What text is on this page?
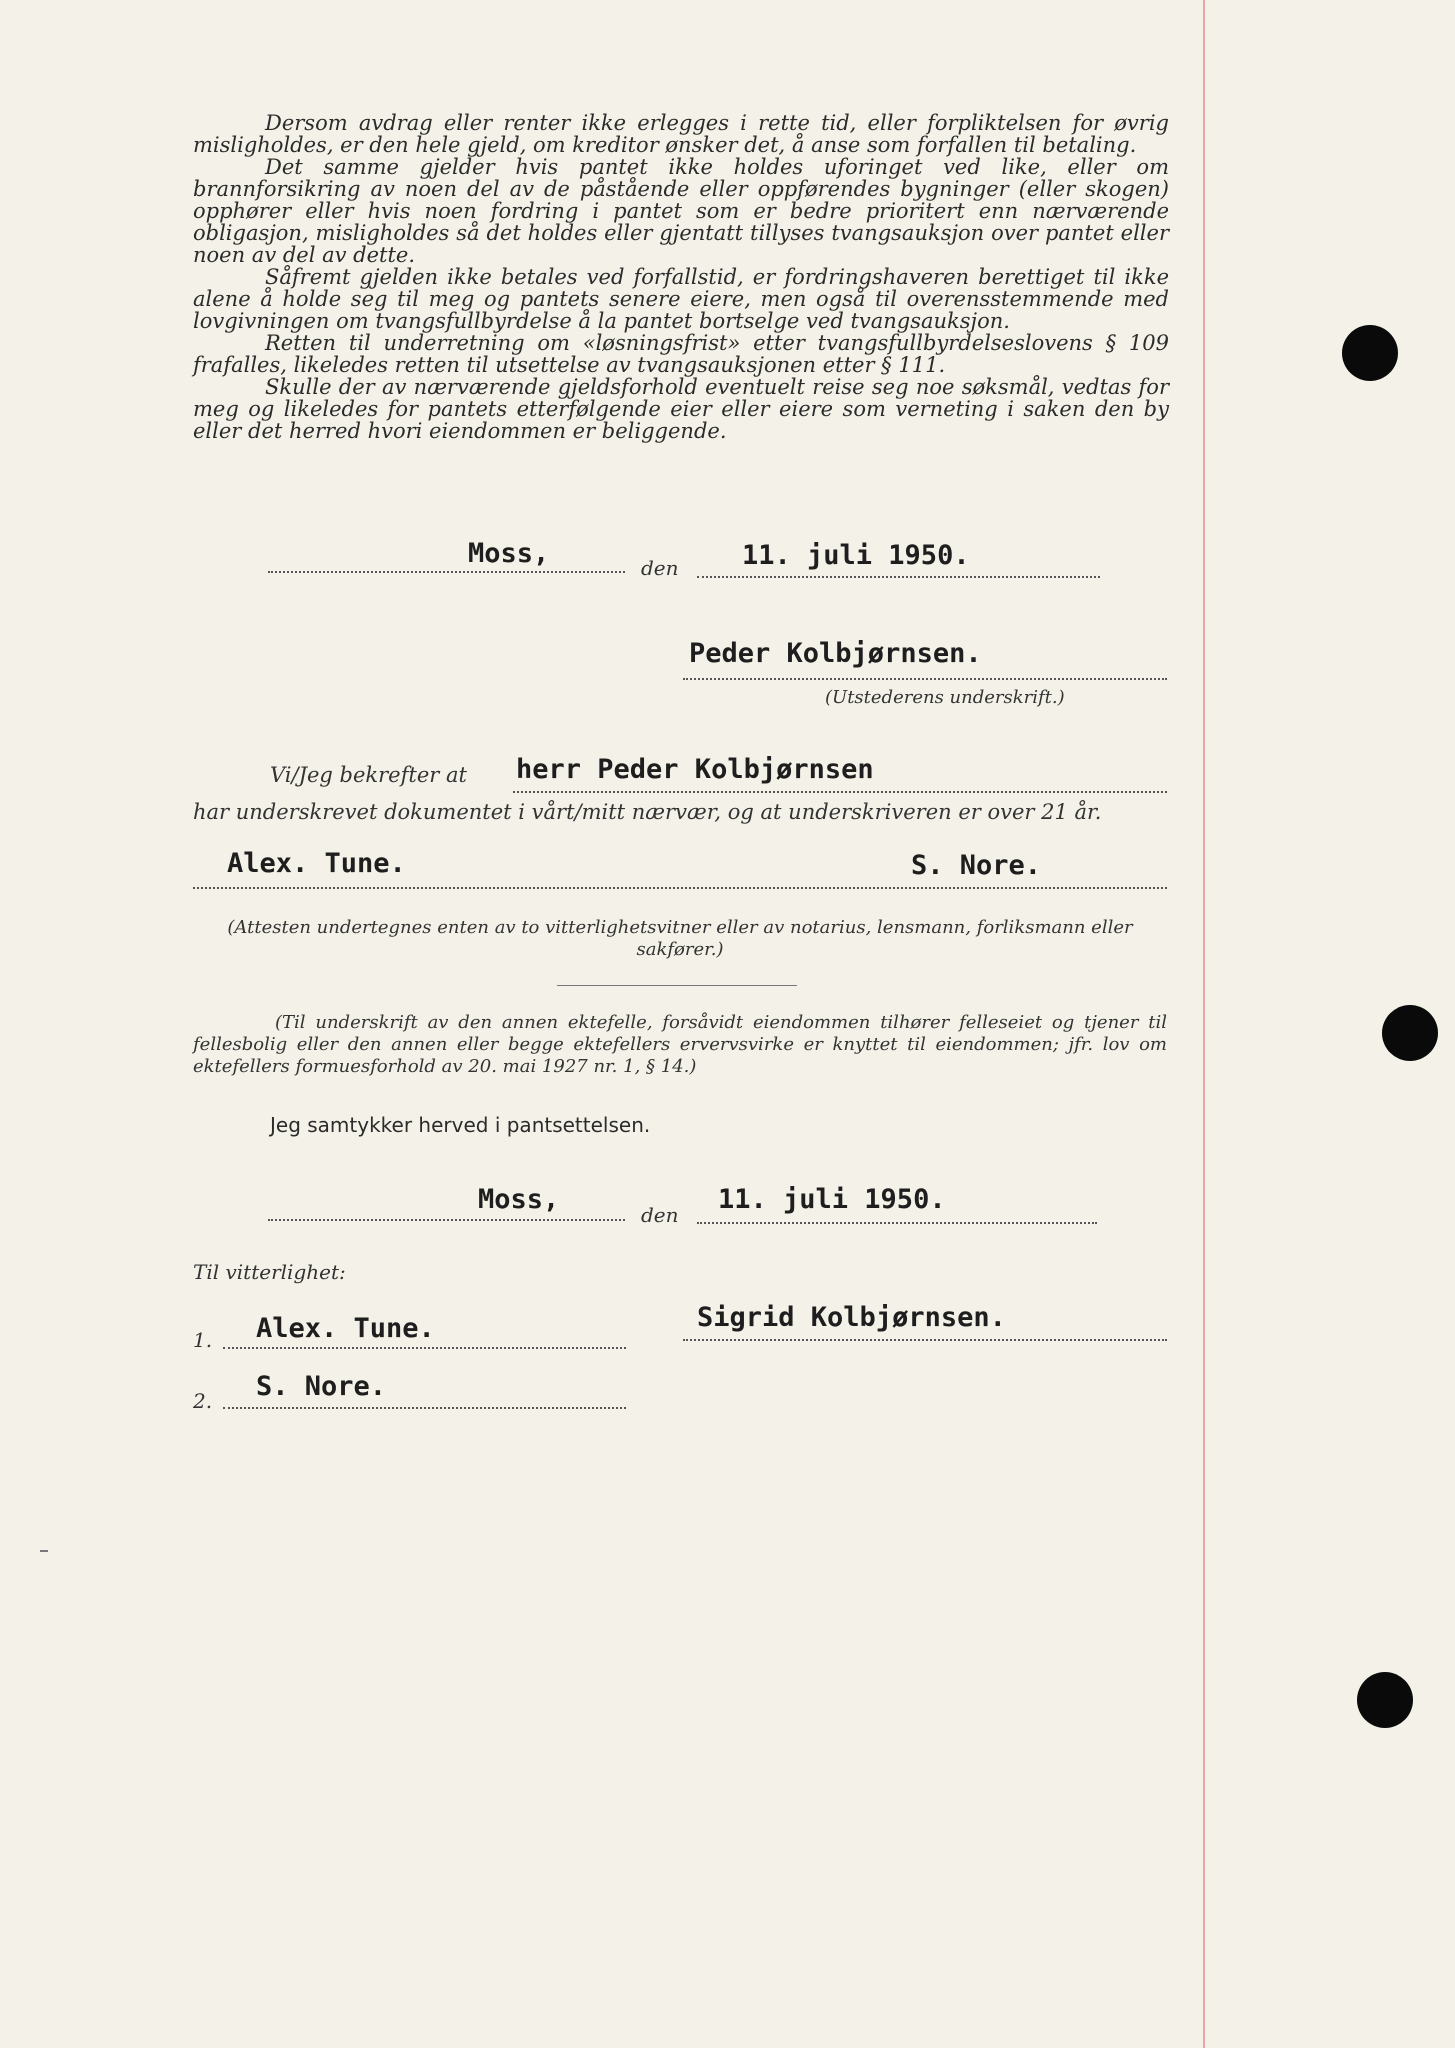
Dersom avdrag eller renter ikke erlegges i rette tid, eller forpliktelsen for øvrig misligholdes, er den hele gjeld, om kreditor ønsker det, å anse som forfallen til betaling.

Det samme gjelder hvis pantet ikke holdes uforinget ved like, eller om brannforsikring av noen del av de påstående eller oppførendes bygninger (eller skogen) opphører eller hvis noen fordring i pantet som er bedre prioritert enn nærværende obligasjon, misligholdes så det holdes eller gjentatt tillyses tvangsauksjon over pantet eller noen av del av dette.

Såfremt gjelden ikke betales ved forfallstid, er fordringshaveren berettiget til ikke alene å holde seg til meg og pantets senere eiere, men også til overensstemmende med lovgivningen om tvangsfullbyrdelse å la pantet bortselge ved tvangsauksjon.

Retten til underretning om «løsningsfrist» etter tvangsfullbyrdelseslovens § 109 frafalles, likeledes retten til utsettelse av tvangsauksjonen etter § 111.

Skulle der av nærværende gjeldsforhold eventuelt reise seg noe søksmål, vedtas for meg og likeledes for pantets etterfølgende eier eller eiere som verneting i saken den by eller det herred hvori eiendommen er beliggende.

Moss,	den 11. juli 1950.
Peder Kolbjørnsen.
(Utstederens underskrift.)
Vi/Jeg bekrefter at herr Peder Kolbjørnsen
har underskrevet dokumentet i vårt/mitt nærvær, og at underskriveren er over 21 år.
Alex. Tune.	S. Nore.
(Attesten undertegnes enten av to vitterlighetsvitner eller av notarius, lensmann, forliksmann eller sakfører.)
(Til underskrift av den annen ektefelle, forsåvidt eiendommen tilhører felleseiet og tjener til fellesbolig eller den annen eller begge ektefellers ervervsvirke er knyttet til eiendommen; jfr. lov om ektefellers formuesforhold av 20. mai 1927 nr. 1, § 14.)
Jeg samtykker herved i pantsettelsen.
Moss,	den 11. juli 1950.
Til vitterlighet:
1. Alex. Tune.	Sigrid Kolbjørnsen.
2. S. Nore.
